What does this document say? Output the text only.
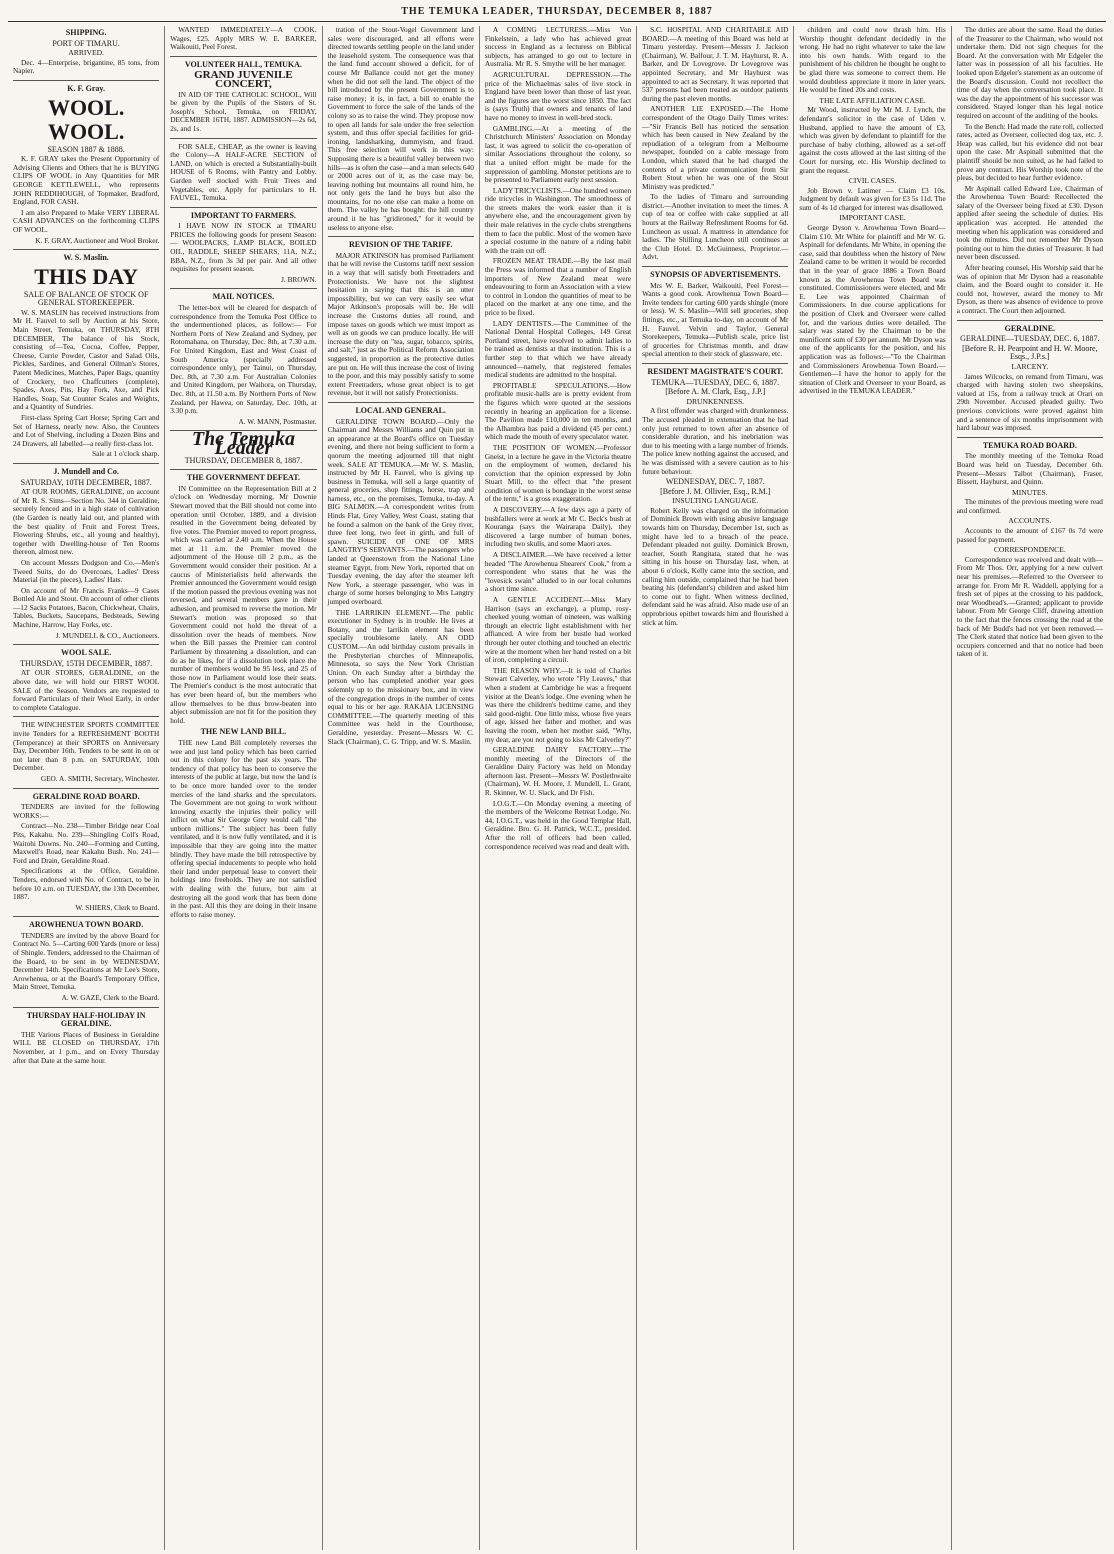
THE TEMUKA LEADER, THURSDAY, DECEMBER 8, 1887
SHIPPING.
PORT OF TIMARU.
ARRIVED.

Dec. 4—Enterprise, brigantine, 85 tons, from Napier.

K. F. Gray.
WOOL. WOOL.
SEASON 1887 & 1888.

K. F. GRAY takes the Present Opportunity of Advising Clients and Others that he is BUYING CLIPS OF WOOL in Any Quantities for MR GEORGE KETTLEWELL, who represents JOHN REDDIHOUGH, of Topmaker, Bradford, England, FOR CASH.

I am also Prepared to Make VERY LIBERAL CASH ADVANCES on the forthcoming CLIPS OF WOOL.

K. F. GRAY, Auctioneer and Wool Broker.
W. S. Maslin.
THIS DAY
SALE OF BALANCE OF STOCK OF GENERAL STOREKEEPER.

W. S. MASLIN has received instructions from Mr H. Fauvel to sell by Auction at his Store, Main Street, Temuka, on THURSDAY, 8TH DECEMBER, The balance of his Stock, consisting of—Tea, Cocoa, Coffee, Pepper, Cheese, Currie Powder, Castor and Salad Oils, Pickles, Sardines, and General Oilman's Stores, Patent Medicines, Matches, Paper Bags, quantity of Crockery, two Chaffcutters (complete), Spades, Axes, Pits, Hay Fork, Axe, and Pick Handles, Soap, Sat Counter Scales and Weights, and a Quantity of Sundries.

First-class Spring Cart Horse; Spring Cart and Set of Harness, nearly new. Also, the Counters and Lot of Shelving, including a Dozen Bins and 24 Drawers, all labelled—a really first-class lot.

Sale at 1 o'clock sharp.
J. Mundell and Co.
SATURDAY, 10TH DECEMBER, 1887.

AT OUR ROOMS, GERALDINE, on account of Mr R. S. Sims—Section No. 344 in Geraldine, securely fenced and in a high state of cultivation (the Garden is neatly laid out, and planted with the best quality of Fruit and Forest Trees, Flowering Shrubs, etc., all young and healthy), together with Dwelling-house of Ten Rooms thereon, almost new.

On account Messrs Dodgson and Co.—Men's Tweed Suits, do do Overcoats, Ladies' Dress Material (in the pieces), Ladies' Hats.

On account of Mr Francis Franks—9 Cases Bottled Ale and Stout. On account of other clients—12 Sacks Potatoes, Bacon, Chickwheat, Chairs, Tables, Buckets, Saucepans, Bedsteads, Sewing Machine, Harrow, Hay Forks, etc.

J. MUNDELL & CO., Auctioneers.
WOOL SALE.
THURSDAY, 15TH DECEMBER, 1887.

AT OUR STORES, GERALDINE, on the above date, we will hold our FIRST WOOL SALE of the Season. Vendors are requested to forward Particulars of their Wool Early, in order to complete Catalogue.

THE WINCHESTER SPORTS COMMITTEE invite Tenders for a REFRESHMENT BOOTH (Temperance) at their SPORTS on Anniversary Day, December 16th. Tenders to be sent in on or not later than 8 p.m. on SATURDAY, 10th December.

GEO. A. SMITH, Secretary, Winchester.
GERALDINE ROAD BOARD.

TENDERS are invited for the following WORKS:—

Contract—No. 238—Timber Bridge near Coal Pits, Kakahu. No. 239—Shingling Coll's Road, Waitohi Downs. No. 240—Forming and Cutting, Maxwell's Road, near Kakahu Bush. No. 241—Ford and Drain, Geraldine Road.

Specifications at the Office, Geraldine. Tenders, endorsed with No. of Contract, to be in before 10 a.m. on TUESDAY, the 13th December, 1887.

W. SHIERS, Clerk to Board.
AROWHENUA TOWN BOARD.

TENDERS are invited by the above Board for Contract No. 5—Carting 600 Yards (more or less) of Shingle. Tenders, addressed to the Chairman of the Board, to be sent in by WEDNESDAY, December 14th. Specifications at Mr Lee's Store, Arowhenua, or at the Board's Temporary Office, Main Street, Temuka.

A. W. GAZE, Clerk to the Board.
THURSDAY HALF-HOLIDAY IN GERALDINE.

THE Various Places of Business in Geraldine WILL BE CLOSED on THURSDAY, 17th November, at 1 p.m., and on Every Thursday after that Date at the same hour.

WANTED IMMEDIATELY—A COOK. Wages, £25. Apply MRS W. E. BARKER, Waikouiti, Peel Forest.

VOLUNTEER HALL, TEMUKA.
GRAND JUVENILE CONCERT,

IN AID OF THE CATHOLIC SCHOOL, Will be given by the Pupils of the Sisters of St. Joseph's School, Temuka, on FRIDAY, DECEMBER 16TH, 1887. ADMISSION—2s 6d, 2s, and 1s.

FOR SALE, CHEAP, as the owner is leaving the Colony—A HALF-ACRE SECTION of LAND, on which is erected a Substantially-built HOUSE of 6 Rooms, with Pantry and Lobby. Garden well stocked with Fruit Trees and Vegetables, etc. Apply for particulars to H. FAUVEL, Temuka.

IMPORTANT TO FARMERS.

I HAVE NOW IN STOCK at TIMARU PRICES the following goods for present Season:— WOOLPACKS, LAMP BLACK, BOILED OIL, RADDLE, SHEEP SHEARS, 11A, N.Z.; BBA, N.Z., from 3s 3d per pair. And all other requisites for present season.

J. BROWN.
MAIL NOTICES.

The letter-box will be cleared for despatch of correspondence from the Temuka Post Office to the undermentioned places, as follow:— For Northern Ports of New Zealand and Sydney, per Rotomahana, on Thursday, Dec. 8th, at 7.30 a.m. For United Kingdom, East and West Coast of South America (specially addressed correspondence only), per Tainui, on Thursday, Dec. 8th, at 7.30 a.m. For Australian Colonies and United Kingdom, per Waihora, on Thursday, Dec. 8th, at 11.50 a.m. By Northern Ports of New Zealand, per Hawea, on Saturday, Dec. 10th, at 3.30 p.m.

A. W. MANN, Postmaster.
The Temuka Leader
THURSDAY, DECEMBER 8, 1887.
THE GOVERNMENT DEFEAT.

IN Committee on the Representation Bill at 2 o'clock on Wednesday morning, Mr Downie Stewart moved that the Bill should not come into operation until October, 1889, and a division resulted in the Government being defeated by five votes. The Premier moved to report progress, which was carried at 2.40 a.m. When the House met at 11 a.m. the Premier moved the adjournment of the House till 2 p.m., as the Government would consider their position. At a caucus of Ministerialists held afterwards the Premier announced the Government would resign if the motion passed the previous evening was not reversed, and several members gave in their adhesion, and promised to reverse the motion. Mr Stewart's motion was proposed so that Government could not hold the threat of a dissolution over the heads of members. Now when the Bill passes the Premier can control Parliament by threatening a dissolution, and can do as he likes, for if a dissolution took place the number of members would be 95 less, and 25 of those now in Parliament would lose their seats. The Premier's conduct is the most autocratic that has ever been heard of, but the members who allow themselves to be thus brow-beaten into abject submission are not fit for the position they hold.

THE NEW LAND BILL.

THE new Land Bill completely reverses the wee and just land policy which has been carried out in this colony for the past six years. The tendency of that policy has been to conserve the interests of the public at large, but now the land is to be once more handed over to the tender mercies of the land sharks and the speculators. The Government are not going to work without knowing exactly the injuries their policy will inflict on what Sir George Grey would call "the unborn millions." The subject has been fully ventilated, and it is now fully ventilated, and it is impossible that they are going into the matter blindly. They have made the bill retrospective by offering special inducements to people who hold their land under perpetual lease to convert their holdings into freeholds. They are not satisfied with dealing with the future, but aim at destroying all the good work that has been done in the past. All this they are doing in their insane efforts to raise money.

tration of the Stout-Vogel Government land sales were discouraged, and all efforts were directed towards settling people on the land under the leasehold system. The consequence was that the land fund account showed a deficit, for of course Mr Ballance could not get the money when he did not sell the land. The object of the bill introduced by the present Government is to raise money; it is, in fact, a bill to enable the Government to force the sale of the lands of the colony so as to raise the wind. They propose now to open all lands for sale under the free selection system, and thus offer special facilities for grid-ironing, landsharking, dummyism, and fraud. This free selection will work in this way: Supposing there is a beautiful valley between two hills—as is often the case—and a man selects 640 or 2000 acres out of it, as the case may be, leaving nothing but mountains all round him, he not only gets the land he buys but also the mountains, for no one else can make a home on them. The valley he has bought: the hill country around it he has "gridironed," for it would be useless to anyone else.

REVISION OF THE TARIFF.

MAJOR ATKINSON has promised Parliament that he will revise the Customs tariff next session in a way that will satisfy both Freetraders and Protectionists. We have not the slightest hesitation in saying that this is an utter impossibility, but we can very easily see what Major Atkinson's proposals will be. He will increase the Customs duties all round, and impose taxes on goods which we must import as well as on goods we can produce locally. He will increase the duty on "tea, sugar, tobacco, spirits, and salt," just as the Political Reform Association suggested, in proportion as the protective duties are put on. He will thus increase the cost of living to the poor, and this may possibly satisfy to some extent Freetraders, whose great object is to get revenue, but it will not satisfy Protectionists.

LOCAL AND GENERAL.

GERALDINE TOWN BOARD.—Only the Chairman and Messrs Williams and Quin put in an appearance at the Board's office on Tuesday evening, and there not being sufficient to form a quorum the meeting adjourned till that night week. SALE AT TEMUKA.—Mr W. S. Maslin, instructed by Mr H. Fauvel, who is giving up business in Temuka, will sell a large quantity of general groceries, shop fittings, horse, trap and harness, etc., on the premises, Temuka, to-day. A BIG SALMON.—A correspondent writes from Hinds Flat, Grey Valley, West Coast, stating that he found a salmon on the bank of the Grey river, three feet long, two feet in girth, and full of spawn. SUICIDE OF ONE OF MRS LANGTRY'S SERVANTS.—The passengers who landed at Queenstown from the National Line steamer Egypt, from New York, reported that on Tuesday evening, the day after the steamer left New York, a steerage passenger, who was in charge of some horses belonging to Mrs Langtry jumped overboard.

THE LARRIKIN ELEMENT.—The public executioner in Sydney is in trouble. He lives at Botany, and the larrikin element has been specially troublesome lately. AN ODD CUSTOM.—An odd birthday custom prevails in the Presbyterian churches of Minneapolis, Minnesota, so says the New York Christian Union. On each Sunday after a birthday the person who has completed another year goes solemnly up to the missionary box, and in view of the congregation drops in the number of cents equal to his or her age. RAKAIA LICENSING COMMITTEE.—The quarterly meeting of this Committee was held in the Courthouse, Geraldine, yesterday. Present—Messrs W. C. Slack (Chairman), C. G. Tripp, and W. S. Maslin.

A COMING LECTURESS.—Miss Von Finkelstein, a lady who has achieved great success in England as a lecturess on Biblical subjects, has arranged to go out to lecture in Australia. Mr R. S. Smythe will be her manager.

AGRICULTURAL DEPRESSION.—The price of the Michaelmas sales of live stock in England have been lower than those of last year, and the figures are the worst since 1850. The fact is (says Truth) that owners and tenants of land have no money to invest in well-bred stock.

GAMBLING.—At a meeting of the Christchurch Ministers' Association on Monday last, it was agreed to solicit the co-operation of similar Associations throughout the colony, so that a united effort might be made for the suppression of gambling. Monster petitions are to be presented to Parliament early next session.

LADY TRICYCLISTS.—One hundred women ride tricycles in Washington. The smoothness of the streets makes the work easier than it is anywhere else, and the encouragement given by their male relatives in the cycle clubs strengthens them to face the public. Most of the women have a special costume in the nature of a riding habit with the train cut off.

FROZEN MEAT TRADE.—By the last mail the Press was informed that a number of English importers of New Zealand meat were endeavouring to form an Association with a view to control in London the quantities of meat to be placed on the market at any one time, and the price to be fixed.

LADY DENTISTS.—The Committee of the National Dental Hospital Colleges, 149 Great Portland street, have resolved to admit ladies to be trained as dentists at that institution. This is a further step to that which we have already announced—namely, that registered females medical students are admitted to the hospital.

PROFITABLE SPECULATIONS.—How profitable music-halls are is pretty evident from the figures which were quoted at the sessions recently in hearing an application for a license. The Pavilion made £10,000 in ten months, and the Alhambra has paid a dividend (45 per cent.) which made the mouth of every speculator water.

THE POSITION OF WOMEN.—Professor Gneist, in a lecture he gave in the Victoria theatre on the employment of women, declared his conviction that the opinion expressed by John Stuart Mill, to the effect that "the present condition of women is bondage in the worst sense of the term," is a gross exaggeration.

A DISCOVERY.—A few days ago a party of bushfallers were at work at Mr C. Beck's bush at Kouranga (says the Wairarapa Daily), they discovered a large number of human bones, including two skulls, and some Maori axes.

A DISCLAIMER.—We have received a letter headed "The Arowhenua Shearers' Cook," from a correspondent who states that he was the "lovesick swain" alluded to in our local columns a short time since.

A GENTLE ACCIDENT.—Miss Mary Harrison (says an exchange), a plump, rosy-cheeked young woman of nineteen, was walking through an electric light establishment with her affianced. A wire from her bustle had worked through her outer clothing and touched an electric wire at the moment when her hand rested on a bit of iron, completing a circuit.

THE REASON WHY.—It is told of Charles Stewart Calverley, who wrote "Fly Leaves," that when a student at Cambridge he was a frequent visitor at the Dean's lodge. One evening when he was there the children's bedtime came, and they said good-night. One little miss, whose five years of age, kissed her father and mother, and was leaving the room, when her mother said, "Why, my dear, are you not going to kiss Mr Calverley?"

GERALDINE DAIRY FACTORY.—The monthly meeting of the Directors of the Geraldine Dairy Factory was held on Monday afternoon last. Present—Messrs W. Postlethwaite (Chairman), W. H. Moore, J. Mundell, L. Grant, R. Skinner, W. U. Slack, and Dr Fish.

I.O.G.T.—On Monday evening a meeting of the members of the Welcome Retreat Lodge, No. 44, I.O.G.T., was held in the Good Templar Hall, Geraldine. Bro. G. H. Patrick, W.C.T., presided. After the roll of officers had been called, correspondence received was read and dealt with.

S.C. HOSPITAL AND CHARITABLE AID BOARD.—A meeting of this Board was held at Timaru yesterday. Present—Messrs J. Jackson (Chairman), W. Balfour, J. T. M. Hayhurst, R. A. Barker, and Dr Lovegrove. Dr Lovegrove was appointed Secretary, and Mr Hayhurst was appointed to act as Secretary. It was reported that 537 persons had been treated as outdoor patients during the past eleven months.

ANOTHER LIE EXPOSED.—The Home correspondent of the Otago Daily Times writes:—"Sir Francis Bell has noticed the sensation which has been caused in New Zealand by the repudiation of a telegram from a Melbourne newspaper, founded on a cable message from London, which stated that he had charged the contents of a private communication from Sir Robert Stout when he was one of the Stout Ministry was predicted."

To the ladies of Timaru and surrounding district.—Another invitation to meet the times. A cup of tea or coffee with cake supplied at all hours at the Railway Refreshment Rooms for 6d. Luncheon as usual. A mattress in attendance for ladies. The Shilling Luncheon still continues at the Club Hotel. D. McGuinness, Proprietor.—Advt.

SYNOPSIS OF ADVERTISEMENTS.

Mrs W. E. Barker, Waikouiti, Peel Forest—Wants a good cook. Arowhenua Town Board—Invite tenders for carting 600 yards shingle (more or less). W. S. Maslin—Will sell groceries, shop fittings, etc., at Temuka to-day, on account of Mr H. Fauvel. Velvin and Taylor, General Storekeepers, Temuka—Publish scale, price list of groceries for Christmas month, and draw special attention to their stock of glassware, etc.

RESIDENT MAGISTRATE'S COURT.
TEMUKA—TUESDAY, DEC. 6, 1887.
[Before A. M. Clark, Esq., J.P.]
DRUNKENNESS.

A first offender was charged with drunkenness. The accused pleaded in extenuation that he had only just returned to town after an absence of considerable duration, and his inebriation was due to his meeting with a large number of friends. The police knew nothing against the accused, and he was dismissed with a severe caution as to his future behaviour.

WEDNESDAY, DEC. 7, 1887.
[Before J. M. Ollivier, Esq., R.M.]
INSULTING LANGUAGE.

Robert Kelly was charged on the information of Dominick Brown with using abusive language towards him on Thursday, December 1st, such as might have led to a breach of the peace. Defendant pleaded not guilty. Dominick Brown, teacher, South Rangitata, stated that he was sitting in his house on Thursday last, when, at about 6 o'clock, Kelly came into the section, and calling him outside, complained that he had been beating his (defendant's) children and asked him to come out to fight. When witness declined, defendant said he was afraid. Also made use of an opprobrious epithet towards him and flourished a stick at him.

children and could now thrash him. His Worship thought defendant decidedly in the wrong. He had no right whatever to take the law into his own hands. With regard to the punishment of his children he thought he ought to be glad there was someone to correct them. He would doubtless appreciate it more in later years. He would be fined 20s and costs.

THE LATE AFFILIATION CASE.

Mr Wood, instructed by Mr M. J. Lynch, the defendant's solicitor in the case of Uden v. Husband, applied to have the amount of £3, which was given by defendant to plaintiff for the purchase of baby clothing, allowed as a set-off against the costs allowed at the last sitting of the Court for nursing, etc. His Worship declined to grant the request.

CIVIL CASES.

Job Brown v. Latimer — Claim £3 10s. Judgment by default was given for £3 5s 11d. The sum of 4s 1d charged for interest was disallowed.

IMPORTANT CASE.

George Dyson v. Arowhenua Town Board—Claim £10. Mr White for plaintiff and Mr W. G. Aspinall for defendants. Mr White, in opening the case, said that doubtless when the history of New Zealand came to be written it would be recorded that in the year of grace 1886 a Town Board known as the Arowhenua Town Board was constituted. Commissioners were elected, and Mr E. Lee was appointed Chairman of Commissioners. In due course applications for the position of Clerk and Overseer were called for, and the various duties were detailed. The salary was stated by the Chairman to be the munificent sum of £30 per annum. Mr Dyson was one of the applicants for the position, and his application was as follows:—"To the Chairman and Commissioners Arowhenua Town Board.—Gentlemen—I have the honor to apply for the situation of Clerk and Overseer to your Board, as advertised in the TEMUKA LEADER."

The duties are about the same. Read the duties of the Treasurer to the Chairman, who would not undertake them. Did not sign cheques for the Board. At the conversation with Mr Edgeler the latter was in possession of all his faculties. He looked upon Edgeler's statement as an outcome of the Board's discussion. Could not recollect the time of day when the conversation took place. It was the day the appointment of his successor was considered. Stayed longer than his legal notice required on account of the auditing of the books.

To the Bench: Had made the rate roll, collected rates, acted as Overseer, collected dog tax, etc. J. Heap was called, but his evidence did not bear upon the case. Mr Aspinall submitted that the plaintiff should be non suited, as he had failed to prove any contract. His Worship took note of the pleas, but decided to hear further evidence.

Mr Aspinall called Edward Lee, Chairman of the Arowhenua Town Board: Recollected the salary of the Overseer being fixed at £30. Dyson applied after seeing the schedule of duties. His application was accepted. He attended the meeting when his application was considered and took the minutes. Did not remember Mr Dyson pointing out to him the duties of Treasurer. It had never been discussed.

After hearing counsel, His Worship said that he was of opinion that Mr Dyson had a reasonable claim, and the Board ought to consider it. He could not, however, award the money to Mr Dyson, as there was absence of evidence to prove a contract. The Court then adjourned.

GERALDINE.
GERALDINE—TUESDAY, DEC. 6, 1887.
[Before R. H. Pearpoint and H. W. Moore, Esqs., J.P.s.]
LARCENY.

James Wilcocks, on remand from Timaru, was charged with having stolen two sheepskins, valued at 15s, from a railway truck at Orari on 29th November. Accused pleaded guilty. Two previous convictions were proved against him and a sentence of six months imprisonment with hard labour was imposed.

TEMUKA ROAD BOARD.

The monthly meeting of the Temuka Road Board was held on Tuesday, December 6th. Present—Messrs Talbot (Chairman), Fraser, Bissett, Hayhurst, and Quinn.

MINUTES.

The minutes of the previous meeting were read and confirmed.

ACCOUNTS.

Accounts to the amount of £167 0s 7d were passed for payment.

CORRESPONDENCE.

Correspondence was received and dealt with— From Mr Thos. Orr, applying for a new culvert near his premises.—Referred to the Overseer to arrange for. From Mr R. Waddell, applying for a fresh set of pipes at the crossing to his paddock, near Woodhead's.—Granted; applicant to provide labour. From Mr George Cliff, drawing attention to the fact that the fences crossing the road at the back of Mr Budd's had not yet been removed.—The Clerk stated that notice had been given to the occupiers concerned and that no notice had been taken of it.
